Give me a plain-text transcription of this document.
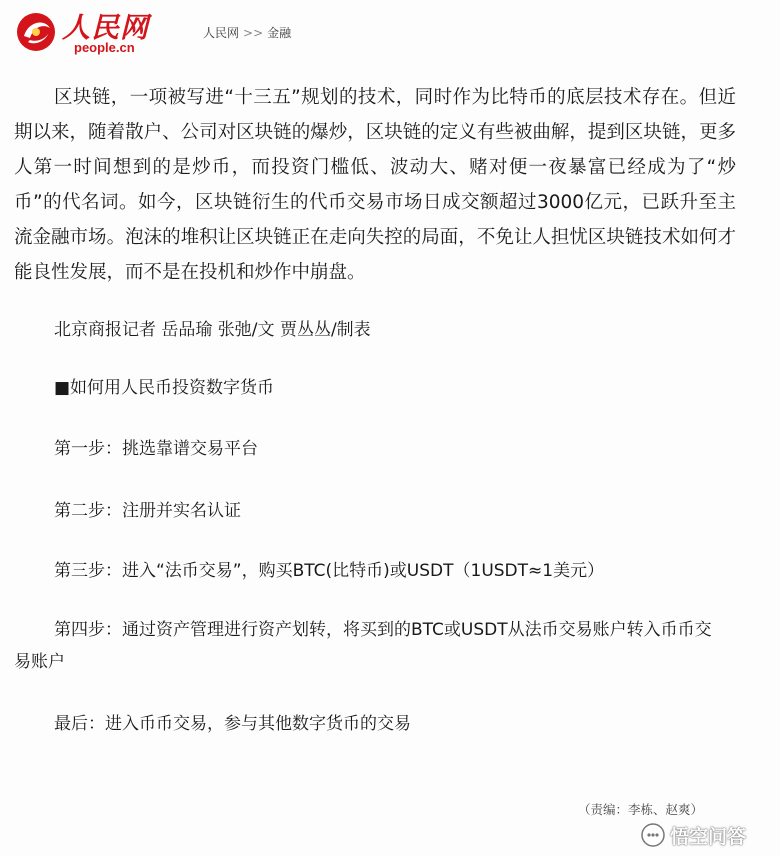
人民网
people.cn
人民网 >> 金融

区块链，一项被写进“十三五”规划的技术，同时作为比特币的底层技术存在。但近期以来，随着散户、公司对区块链的爆炒，区块链的定义有些被曲解，提到区块链，更多人第一时间想到的是炒币，而投资门槛低、波动大、赌对便一夜暴富已经成为了“炒币”的代名词。如今，区块链衍生的代币交易市场日成交额超过3000亿元，已跃升至主流金融市场。泡沫的堆积让区块链正在走向失控的局面，不免让人担忧区块链技术如何才能良性发展，而不是在投机和炒作中崩盘。

北京商报记者 岳品瑜 张弛/文 贾丛丛/制表
■如何用人民币投资数字货币
第一步：挑选靠谱交易平台
第二步：注册并实名认证
第三步：进入“法币交易”，购买BTC(比特币)或USDT（1USDT≈1美元）
第四步：通过资产管理进行资产划转，将买到的BTC或USDT从法币交易账户转入币币交易账户
最后：进入币币交易，参与其他数字货币的交易
（责编：李栋、赵爽）
悟空问答
